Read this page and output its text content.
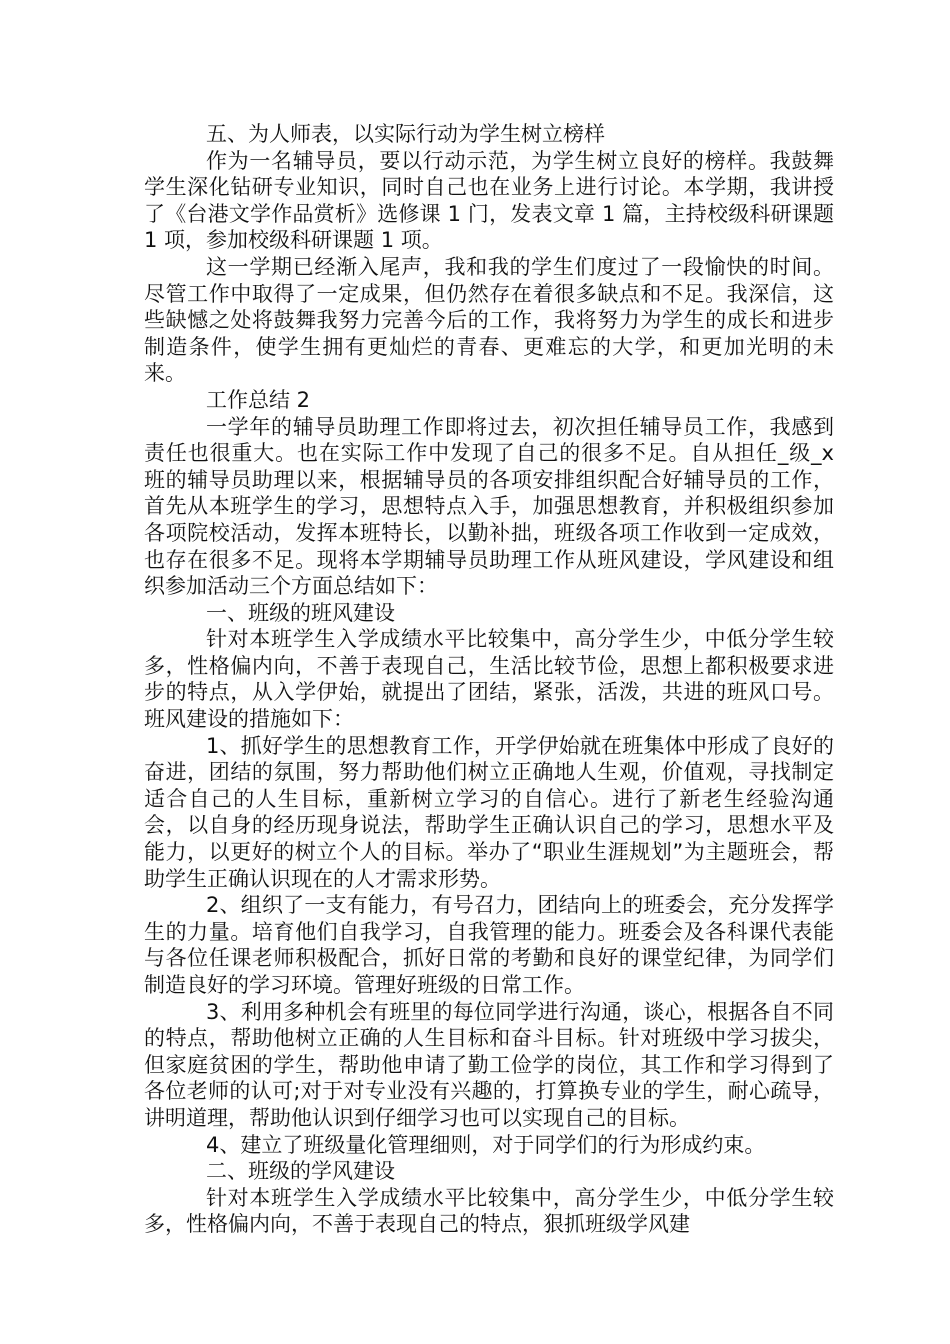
五、为人师表，以实际行动为学生树立榜样

作为一名辅导员，要以行动示范，为学生树立良好的榜样。我鼓舞学生深化钻研专业知识，同时自己也在业务上进行讨论。本学期，我讲授了《台港文学作品赏析》选修课 1 门，发表文章 1 篇，主持校级科研课题 1 项，参加校级科研课题 1 项。

这一学期已经渐入尾声，我和我的学生们度过了一段愉快的时间。尽管工作中取得了一定成果，但仍然存在着很多缺点和不足。我深信，这些缺憾之处将鼓舞我努力完善今后的工作，我将努力为学生的成长和进步制造条件，使学生拥有更灿烂的青春、更难忘的大学，和更加光明的未来。

工作总结 2

一学年的辅导员助理工作即将过去，初次担任辅导员工作，我感到责任也很重大。也在实际工作中发现了自己的很多不足。自从担任_级_x 班的辅导员助理以来，根据辅导员的各项安排组织配合好辅导员的工作，首先从本班学生的学习，思想特点入手，加强思想教育，并积极组织参加各项院校活动，发挥本班特长，以勤补拙，班级各项工作收到一定成效，也存在很多不足。现将本学期辅导员助理工作从班风建设，学风建设和组织参加活动三个方面总结如下：

一、班级的班风建设

针对本班学生入学成绩水平比较集中，高分学生少，中低分学生较多，性格偏内向，不善于表现自己，生活比较节俭，思想上都积极要求进步的特点，从入学伊始，就提出了团结，紧张，活泼，共进的班风口号。班风建设的措施如下：

1、抓好学生的思想教育工作，开学伊始就在班集体中形成了良好的奋进，团结的氛围，努力帮助他们树立正确地人生观，价值观，寻找制定适合自己的人生目标，重新树立学习的自信心。进行了新老生经验沟通会，以自身的经历现身说法，帮助学生正确认识自己的学习，思想水平及能力，以更好的树立个人的目标。举办了“职业生涯规划”为主题班会，帮助学生正确认识现在的人才需求形势。

2、组织了一支有能力，有号召力，团结向上的班委会，充分发挥学生的力量。培育他们自我学习，自我管理的能力。班委会及各科课代表能与各位任课老师积极配合，抓好日常的考勤和良好的课堂纪律，为同学们制造良好的学习环境。管理好班级的日常工作。

3、利用多种机会有班里的每位同学进行沟通，谈心，根据各自不同的特点，帮助他树立正确的人生目标和奋斗目标。针对班级中学习拔尖，但家庭贫困的学生，帮助他申请了勤工俭学的岗位，其工作和学习得到了各位老师的认可;对于对专业没有兴趣的，打算换专业的学生，耐心疏导，讲明道理，帮助他认识到仔细学习也可以实现自己的目标。

4、建立了班级量化管理细则，对于同学们的行为形成约束。

二、班级的学风建设

针对本班学生入学成绩水平比较集中，高分学生少，中低分学生较多，性格偏内向，不善于表现自己的特点，狠抓班级学风建
